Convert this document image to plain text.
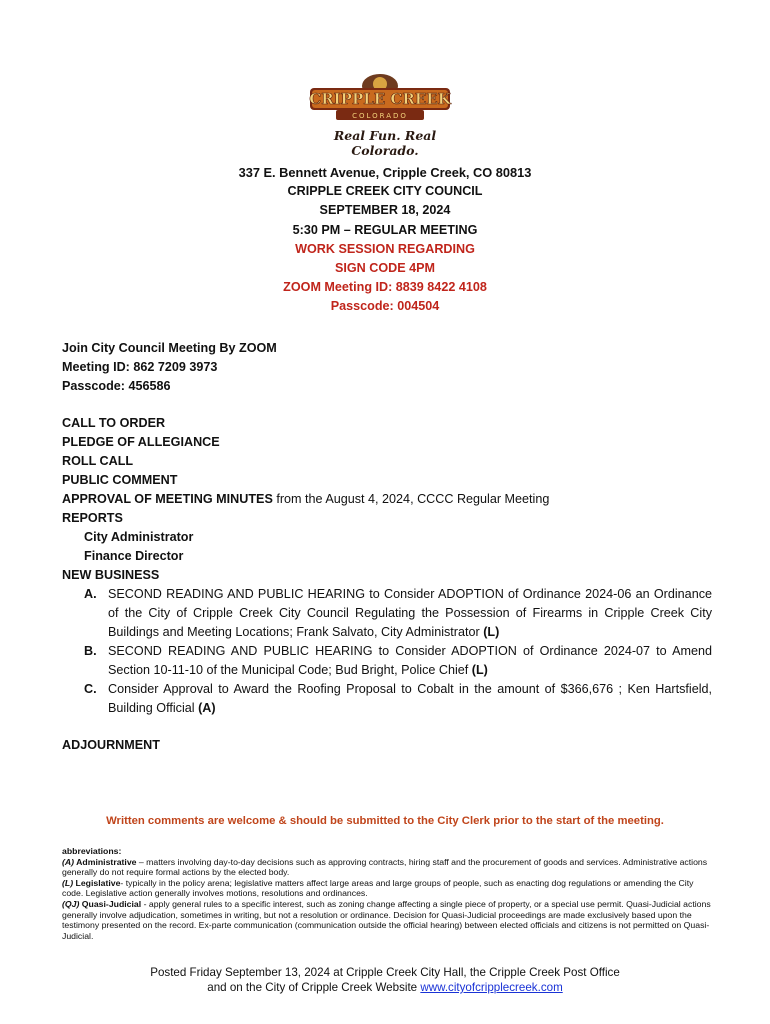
CRIPPLE CREEK
COLORADO
Real Fun. Real Colorado.
337 E. Bennett Avenue, Cripple Creek, CO 80813
CRIPPLE CREEK CITY COUNCIL
SEPTEMBER 18, 2024
5:30 PM – REGULAR MEETING
WORK SESSION REGARDING
SIGN CODE 4PM
ZOOM Meeting ID: 8839 8422 4108
Passcode: 004504
Join City Council Meeting By ZOOM
Meeting ID: 862 7209 3973
Passcode: 456586
CALL TO ORDER
PLEDGE OF ALLEGIANCE
ROLL CALL
PUBLIC COMMENT
APPROVAL OF MEETING MINUTES from the August 4, 2024, CCCC Regular Meeting
REPORTS
City Administrator
Finance Director
NEW BUSINESS
A. SECOND READING AND PUBLIC HEARING to Consider ADOPTION of Ordinance 2024-06 an Ordinance of the City of Cripple Creek City Council Regulating the Possession of Firearms in Cripple Creek City Buildings and Meeting Locations; Frank Salvato, City Administrator (L)
B. SECOND READING AND PUBLIC HEARING to Consider ADOPTION of Ordinance 2024-07 to Amend Section 10-11-10 of the Municipal Code; Bud Bright, Police Chief (L)
C. Consider Approval to Award the Roofing Proposal to Cobalt in the amount of $366,676 ; Ken Hartsfield, Building Official (A)
ADJOURNMENT
Written comments are welcome & should be submitted to the City Clerk prior to the start of the meeting.
abbreviations:
(A) Administrative – matters involving day-to-day decisions such as approving contracts, hiring staff and the procurement of goods and services. Administrative actions generally do not require formal actions by the elected body.
(L) Legislative- typically in the policy arena; legislative matters affect large areas and large groups of people, such as enacting dog regulations or amending the City code. Legislative action generally involves motions, resolutions and ordinances.
(QJ) Quasi-Judicial - apply general rules to a specific interest, such as zoning change affecting a single piece of property, or a special use permit. Quasi-Judicial actions generally involve adjudication, sometimes in writing, but not a resolution or ordinance. Decision for Quasi-Judicial proceedings are made exclusively based upon the testimony presented on the record. Ex-parte communication (communication outside the official hearing) between elected officials and citizens is not permitted on Quasi-Judicial.
Posted Friday September 13, 2024 at Cripple Creek City Hall, the Cripple Creek Post Office
and on the City of Cripple Creek Website www.cityofcripplecreek.com
